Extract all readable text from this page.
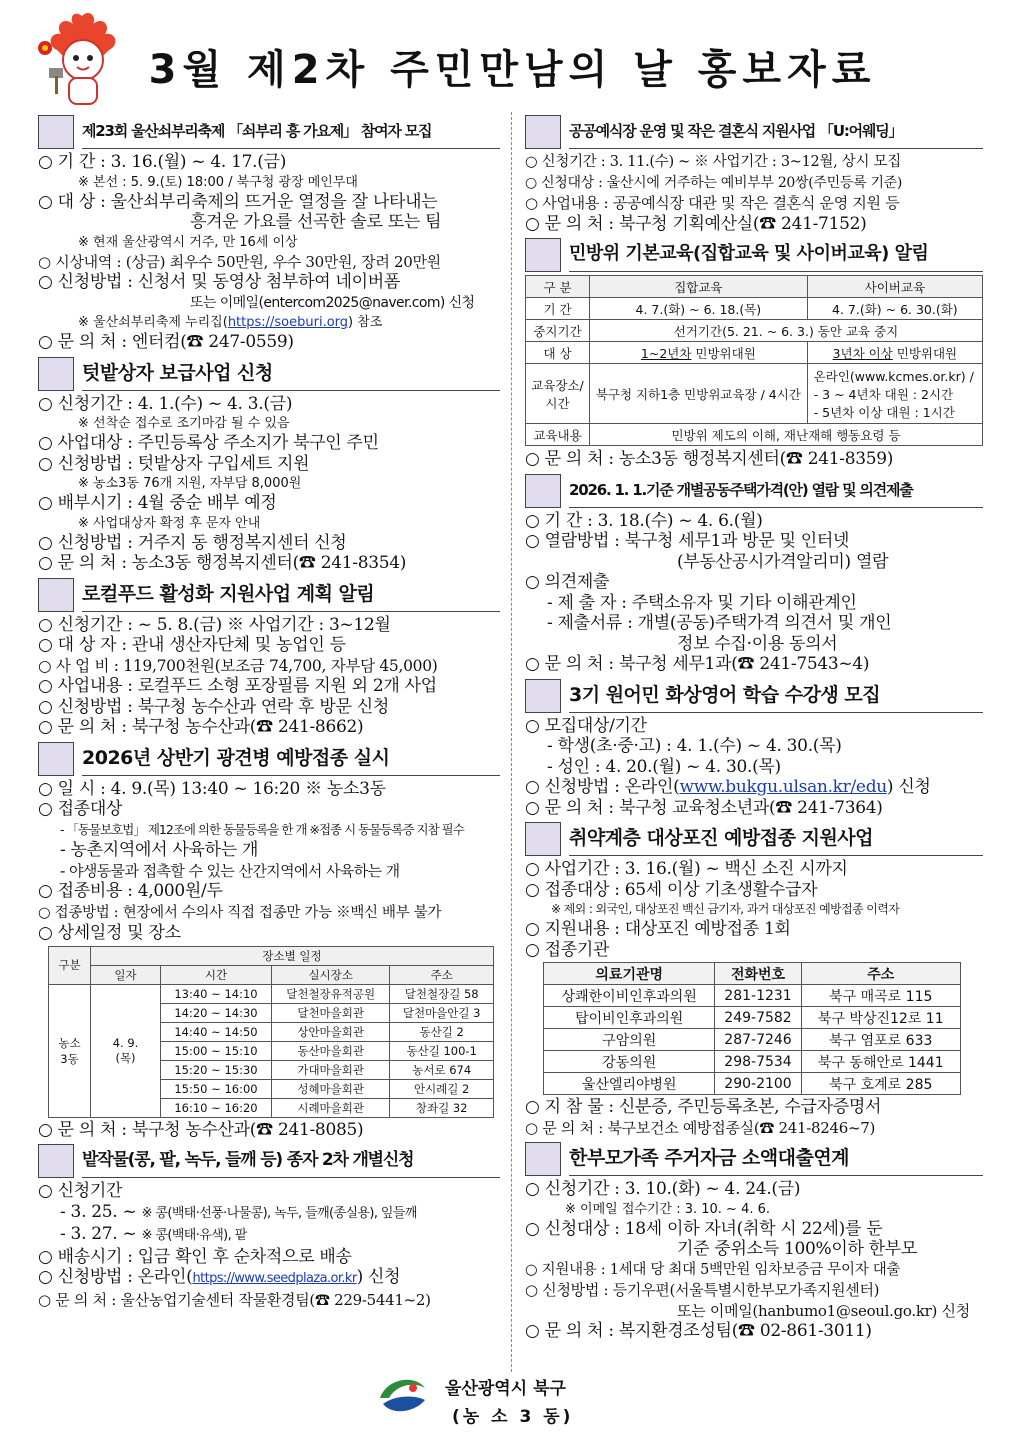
3월 제2차 주민만남의 날 홍보자료
제23회 울산쇠부리축제 「쇠부리 흥 가요제」 참여자 모집
○ 기 간 : 3. 16.(월) ~ 4. 17.(금)
※ 본선 : 5. 9.(토) 18:00 / 북구청 광장 메인무대
○ 대 상 : 울산쇠부리축제의 뜨거운 열정을 잘 나타내는
흥겨운 가요를 선곡한 솔로 또는 팀
※ 현재 울산광역시 거주, 만 16세 이상
○ 시상내역 : (상금) 최우수 50만원, 우수 30만원, 장려 20만원
○ 신청방법 : 신청서 및 동영상 첨부하여 네이버폼
또는 이메일(entercom2025@naver.com) 신청
※ 울산쇠부리축제 누리집(https://soeburi.org) 참조
○ 문 의 처 : 엔터컴(☎ 247-0559)
텃밭상자 보급사업 신청
○ 신청기간 : 4. 1.(수) ~ 4. 3.(금)
※ 선착순 접수로 조기마감 될 수 있음
○ 사업대상 : 주민등록상 주소지가 북구인 주민
○ 신청방법 : 텃밭상자 구입세트 지원
※ 농소3동 76개 지원, 자부담 8,000원
○ 배부시기 : 4월 중순 배부 예정
※ 사업대상자 확정 후 문자 안내
○ 신청방법 : 거주지 동 행정복지센터 신청
○ 문 의 처 : 농소3동 행정복지센터(☎ 241-8354)
로컬푸드 활성화 지원사업 계획 알림
○ 신청기간 : ~ 5. 8.(금) ※ 사업기간 : 3~12월
○ 대 상 자 : 관내 생산자단체 및 농업인 등
○ 사 업 비 : 119,700천원(보조금 74,700, 자부담 45,000)
○ 사업내용 : 로컬푸드 소형 포장필름 지원 외 2개 사업
○ 신청방법 : 북구청 농수산과 연락 후 방문 신청
○ 문 의 처 : 북구청 농수산과(☎ 241-8662)
2026년 상반기 광견병 예방접종 실시
○ 일 시 : 4. 9.(목) 13:40 ~ 16:20 ※ 농소3동
○ 접종대상
- 「동물보호법」 제12조에 의한 동물등록을 한 개 ※접종 시 동물등록증 지참 필수
- 농촌지역에서 사육하는 개
- 야생동물과 접촉할 수 있는 산간지역에서 사육하는 개
○ 접종비용 : 4,000원/두
○ 접종방법 : 현장에서 수의사 직접 접종만 가능 ※백신 배부 불가
○ 상세일정 및 장소
구분	장소별 일정			
	일자	시간	실시장소	주소
농소
3동	4. 9.
(목)	13:40 ~ 14:10	달천철장유적공원	달천철장길 58
		14:20 ~ 14:30	달천마을회관	달천마을안길 3
		14:40 ~ 14:50	상안마을회관	동산길 2
		15:00 ~ 15:10	동산마을회관	동산길 100-1
		15:20 ~ 15:30	가대마을회관	농서로 674
		15:50 ~ 16:00	성혜마을회관	안시례길 2
		16:10 ~ 16:20	시례마을회관	창좌길 32
○ 문 의 처 : 북구청 농수산과(☎ 241-8085)
밭작물(콩, 팥, 녹두, 들깨 등) 종자 2차 개별신청
○ 신청기간
- 3. 25. ~ ※ 콩(백태·선풍·나물콩), 녹두, 들깨(종실용), 잎들깨
- 3. 27. ~ ※ 콩(백태·유색), 팥
○ 배송시기 : 입금 확인 후 순차적으로 배송
○ 신청방법 : 온라인(https://www.seedplaza.or.kr) 신청
○ 문 의 처 : 울산농업기술센터 작물환경팀(☎ 229-5441~2)
공공예식장 운영 및 작은 결혼식 지원사업 「U:어웨딩」
○ 신청기간 : 3. 11.(수) ~ ※ 사업기간 : 3~12월, 상시 모집
○ 신청대상 : 울산시에 거주하는 예비부부 20쌍(주민등록 기준)
○ 사업내용 : 공공예식장 대관 및 작은 결혼식 운영 지원 등
○ 문 의 처 : 북구청 기획예산실(☎ 241-7152)
민방위 기본교육(집합교육 및 사이버교육) 알림
구 분	집합교육	사이버교육
기 간	4. 7.(화) ~ 6. 18.(목)	4. 7.(화) ~ 6. 30.(화)
중지기간	선거기간(5. 21. ~ 6. 3.) 동안 교육 중지	
대 상	1~2년차 민방위대원	3년차 이상 민방위대원
교육장소/시간	북구청 지하1층 민방위교육장 / 4시간	온라인(www.kcmes.or.kr) /
- 3 ~ 4년차 대원 : 2시간
- 5년차 이상 대원 : 1시간

교육내용	민방위 제도의 이해, 재난재해 행동요령 등	
○ 문 의 처 : 농소3동 행정복지센터(☎ 241-8359)
2026. 1. 1.기준 개별공동주택가격(안) 열람 및 의견제출
○ 기 간 : 3. 18.(수) ~ 4. 6.(월)
○ 열람방법 : 북구청 세무1과 방문 및 인터넷
(부동산공시가격알리미) 열람
○ 의견제출
- 제 출 자 : 주택소유자 및 기타 이해관계인
- 제출서류 : 개별(공동)주택가격 의견서 및 개인
정보 수집·이용 동의서
○ 문 의 처 : 북구청 세무1과(☎ 241-7543~4)
3기 원어민 화상영어 학습 수강생 모집
○ 모집대상/기간
- 학생(초·중·고) : 4. 1.(수) ~ 4. 30.(목)
- 성인 : 4. 20.(월) ~ 4. 30.(목)
○ 신청방법 : 온라인(www.bukgu.ulsan.kr/edu) 신청
○ 문 의 처 : 북구청 교육청소년과(☎ 241-7364)
취약계층 대상포진 예방접종 지원사업
○ 사업기간 : 3. 16.(월) ~ 백신 소진 시까지
○ 접종대상 : 65세 이상 기초생활수급자
※ 제외 : 외국인, 대상포진 백신 금기자, 과거 대상포진 예방접종 이력자
○ 지원내용 : 대상포진 예방접종 1회
○ 접종기관
의료기관명	전화번호	주소
상쾌한이비인후과의원	281-1231	북구 매곡로 115
탑이비인후과의원	249-7582	북구 박상진12로 11
구암의원	287-7246	북구 염포로 633
강동의원	298-7534	북구 동해안로 1441
울산엘리야병원	290-2100	북구 호계로 285
○ 지 참 물 : 신분증, 주민등록초본, 수급자증명서
○ 문 의 처 : 북구보건소 예방접종실(☎ 241-8246~7)
한부모가족 주거자금 소액대출연계
○ 신청기간 : 3. 10.(화) ~ 4. 24.(금)
※ 이메일 접수기간 : 3. 10. ~ 4. 6.
○ 신청대상 : 18세 이하 자녀(취학 시 22세)를 둔
기준 중위소득 100%이하 한부모
○ 지원내용 : 1세대 당 최대 5백만원 임차보증금 무이자 대출
○ 신청방법 : 등기우편(서울특별시한부모가족지원센터)
또는 이메일(hanbumo1@seoul.go.kr) 신청
○ 문 의 처 : 복지환경조성팀(☎ 02-861-3011)
울산광역시 북구
(농 소 3 동)
